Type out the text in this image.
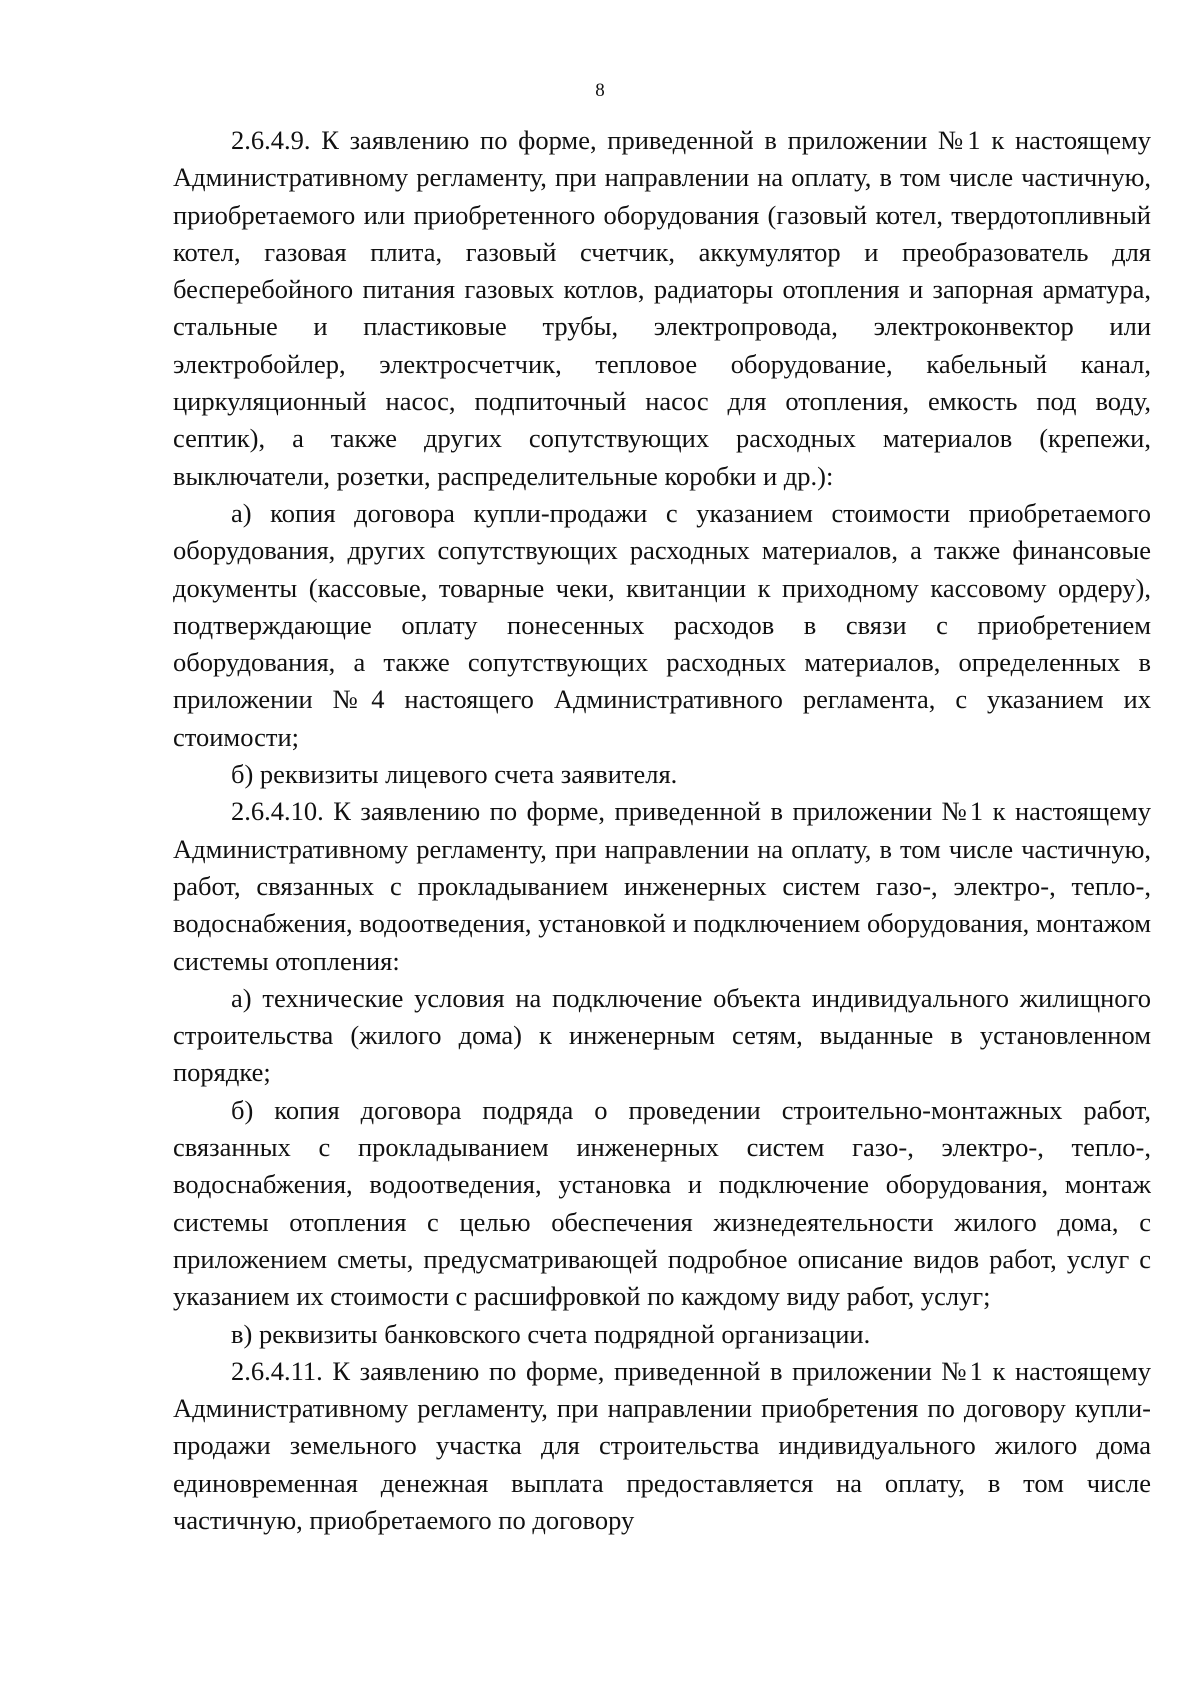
8

2.6.4.9. К заявлению по форме, приведенной в приложении №1 к настоящему Административному регламенту, при направлении на оплату, в том числе частичную, приобретаемого или приобретенного оборудования (газовый котел, твердотопливный котел, газовая плита, газовый счетчик, аккумулятор и преобразователь для бесперебойного питания газовых котлов, радиаторы отопления и запорная арматура, стальные и пластиковые трубы, электропровода, электроконвектор или электробойлер, электросчетчик, тепловое оборудование, кабельный канал, циркуляционный насос, подпиточный насос для отопления, емкость под воду, септик), а также других сопутствующих расходных материалов (крепежи, выключатели, розетки, распределительные коробки и др.):

а) копия договора купли-продажи с указанием стоимости приобретаемого оборудования, других сопутствующих расходных материалов, а также финансовые документы (кассовые, товарные чеки, квитанции к приходному кассовому ордеру), подтверждающие оплату понесенных расходов в связи с приобретением оборудования, а также сопутствующих расходных материалов, определенных в приложении №4 настоящего Административного регламента, с указанием их стоимости;

б) реквизиты лицевого счета заявителя.

2.6.4.10. К заявлению по форме, приведенной в приложении №1 к настоящему Административному регламенту, при направлении на оплату, в том числе частичную, работ, связанных с прокладыванием инженерных систем газо-, электро-, тепло-, водоснабжения, водоотведения, установкой и подключением оборудования, монтажом системы отопления:

а) технические условия на подключение объекта индивидуального жилищного строительства (жилого дома) к инженерным сетям, выданные в установленном порядке;

б) копия договора подряда о проведении строительно-монтажных работ, связанных с прокладыванием инженерных систем газо-, электро-, тепло-, водоснабжения, водоотведения, установка и подключение оборудования, монтаж системы отопления с целью обеспечения жизнедеятельности жилого дома, с приложением сметы, предусматривающей подробное описание видов работ, услуг с указанием их стоимости с расшифровкой по каждому виду работ, услуг;

в) реквизиты банковского счета подрядной организации.

2.6.4.11. К заявлению по форме, приведенной в приложении №1 к настоящему Административному регламенту, при направлении приобретения по договору купли-продажи земельного участка для строительства индивидуального жилого дома единовременная денежная выплата предоставляется на оплату, в том числе частичную, приобретаемого по договору
